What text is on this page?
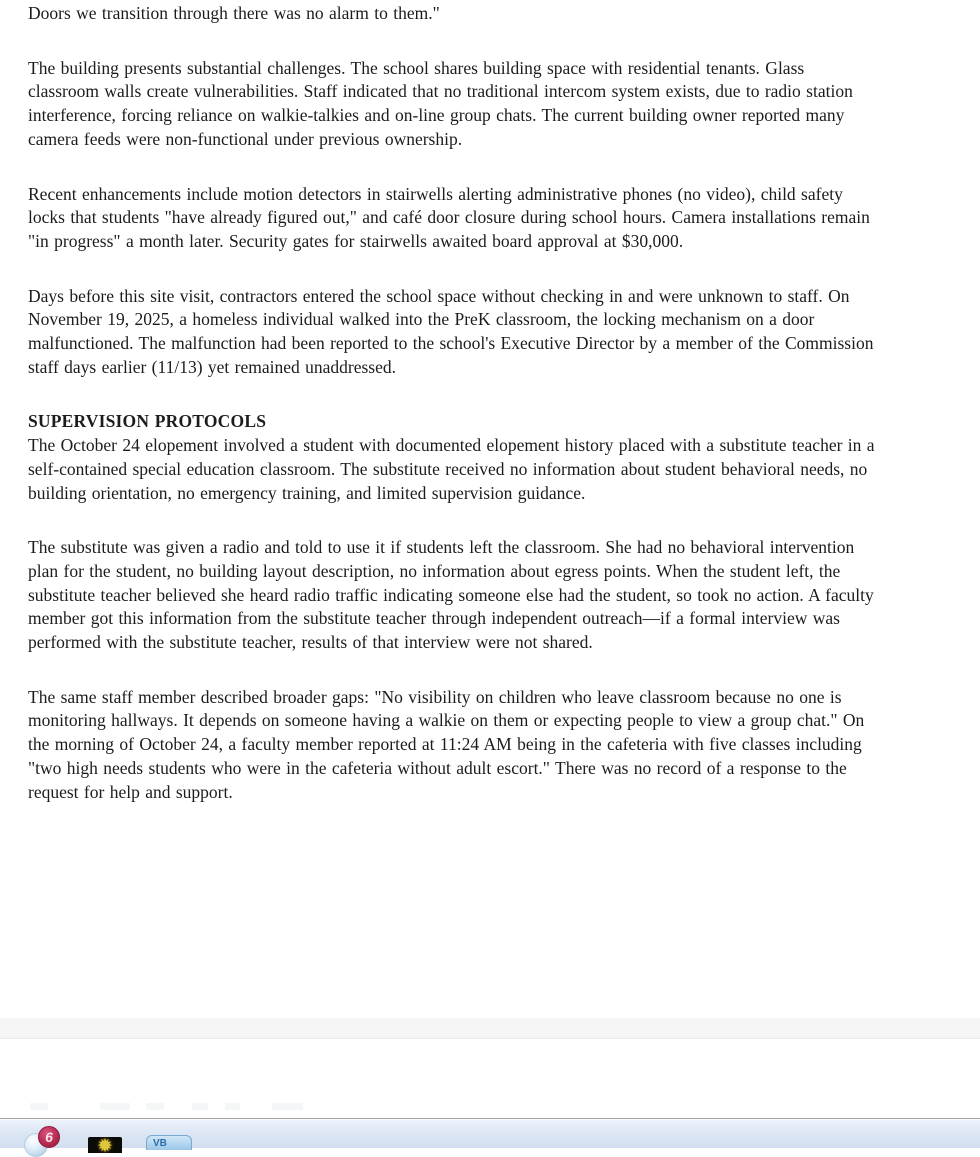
Doors we transition through there was no alarm to them."

The building presents substantial challenges. The school shares building space with residential tenants. Glass classroom walls create vulnerabilities. Staff indicated that no traditional intercom system exists, due to radio station interference, forcing reliance on walkie-talkies and on-line group chats. The current building owner reported many camera feeds were non-functional under previous ownership.

Recent enhancements include motion detectors in stairwells alerting administrative phones (no video), child safety locks that students "have already figured out," and café door closure during school hours. Camera installations remain "in progress" a month later. Security gates for stairwells awaited board approval at $30,000.

Days before this site visit, contractors entered the school space without checking in and were unknown to staff. On November 19, 2025, a homeless individual walked into the PreK classroom, the locking mechanism on a door malfunctioned. The malfunction had been reported to the school's Executive Director by a member of the Commission staff days earlier (11/13) yet remained unaddressed.

SUPERVISION PROTOCOLS

The October 24 elopement involved a student with documented elopement history placed with a substitute teacher in a self-contained special education classroom. The substitute received no information about student behavioral needs, no building orientation, no emergency training, and limited supervision guidance.

The substitute was given a radio and told to use it if students left the classroom. She had no behavioral intervention plan for the student, no building layout description, no information about egress points. When the student left, the substitute teacher believed she heard radio traffic indicating someone else had the student, so took no action. A faculty member got this information from the substitute teacher through independent outreach—if a formal interview was performed with the substitute teacher, results of that interview were not shared.

The same staff member described broader gaps: "No visibility on children who leave classroom because no one is monitoring hallways. It depends on someone having a walkie on them or expecting people to view a group chat." On the morning of October 24, a faculty member reported at 11:24 AM being in the cafeteria with five classes including "two high needs students who were in the cafeteria without adult escort." There was no record of a response to the request for help and support.

6	✹	VB
